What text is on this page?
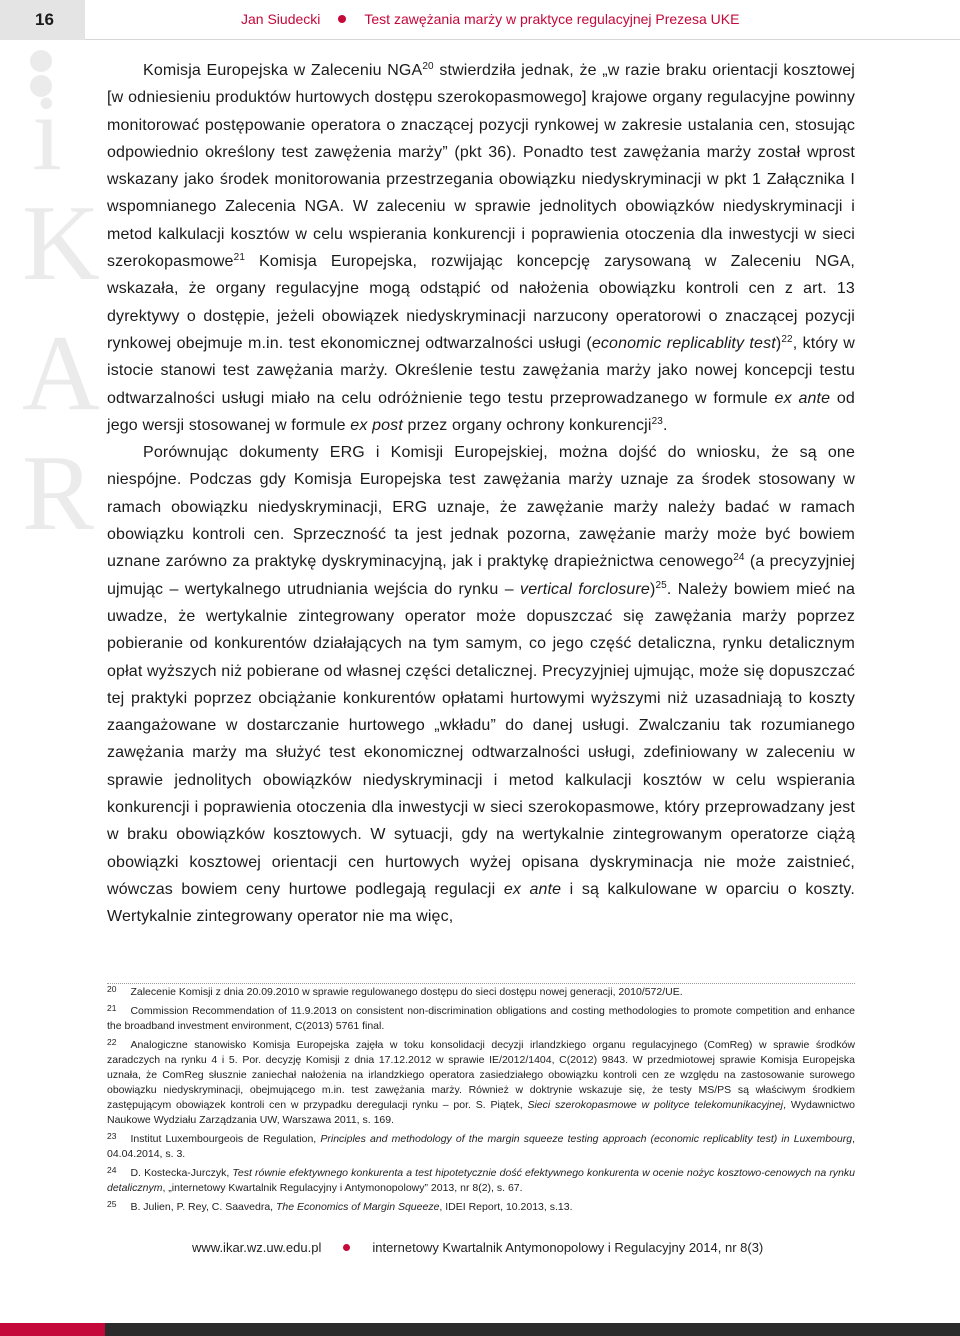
16	Jan Siudecki	Test zawężania marży w praktyce regulacyjnej Prezesa UKE
i
K
A
R

Komisja Europejska w Zaleceniu NGA$^{20}$ stwierdziła jednak, że „w razie braku orientacji kosztowej [w odniesieniu produktów hurtowych dostępu szerokopasmowego] krajowe organy regulacyjne powinny monitorować postępowanie operatora o znaczącej pozycji rynkowej w zakresie ustalania cen, stosując odpowiednio określony test zawężenia marży” (pkt 36). Ponadto test zawężania marży został wprost wskazany jako środek monitorowania przestrzegania obowiązku niedyskryminacji w pkt 1 Załącznika I wspomnianego Zalecenia NGA. W zaleceniu w sprawie jednolitych obowiązków niedyskryminacji i metod kalkulacji kosztów w celu wspierania konkurencji i poprawienia otoczenia dla inwestycji w sieci szerokopasmowe$^{21}$ Komisja Europejska, rozwijając koncepcję zarysowaną w Zaleceniu NGA, wskazała, że organy regulacyjne mogą odstąpić od nałożenia obowiązku kontroli cen z art. 13 dyrektywy o dostępie, jeżeli obowiązek niedyskryminacji narzucony operatorowi o znaczącej pozycji rynkowej obejmuje m.in. test ekonomicznej odtwarzalności usługi (economic replicablity test)$^{22}$, który w istocie stanowi test zawężania marży. Określenie testu zawężania marży jako nowej koncepcji testu odtwarzalności usługi miało na celu odróżnienie tego testu przeprowadzanego w formule ex ante od jego wersji stosowanej w formule ex post przez organy ochrony konkurencji$^{23}$.

Porównując dokumenty ERG i Komisji Europejskiej, można dojść do wniosku, że są one niespójne. Podczas gdy Komisja Europejska test zawężania marży uznaje za środek stosowany w ramach obowiązku niedyskryminacji, ERG uznaje, że zawężanie marży należy badać w ramach obowiązku kontroli cen. Sprzeczność ta jest jednak pozorna, zawężanie marży może być bowiem uznane zarówno za praktykę dyskryminacyjną, jak i praktykę drapieżnictwa cenowego$^{24}$ (a precyzyjniej ujmując – wertykalnego utrudniania wejścia do rynku – vertical forclosure)$^{25}$. Należy bowiem mieć na uwadze, że wertykalnie zintegrowany operator może dopuszczać się zawężania marży poprzez pobieranie od konkurentów działających na tym samym, co jego część detaliczna, rynku detalicznym opłat wyższych niż pobierane od własnej części detalicznej. Precyzyjniej ujmując, może się dopuszczać tej praktyki poprzez obciążanie konkurentów opłatami hurtowymi wyższymi niż uzasadniają to koszty zaangażowane w dostarczanie hurtowego „wkładu” do danej usługi. Zwalczaniu tak rozumianego zawężania marży ma służyć test ekonomicznej odtwarzalności usługi, zdefiniowany w zaleceniu w sprawie jednolitych obowiązków niedyskryminacji i metod kalkulacji kosztów w celu wspierania konkurencji i poprawienia otoczenia dla inwestycji w sieci szerokopasmowe, który przeprowadzany jest w braku obowiązków kosztowych. W sytuacji, gdy na wertykalnie zintegrowanym operatorze ciążą obowiązki kosztowej orientacji cen hurtowych wyżej opisana dyskryminacja nie może zaistnieć, wówczas bowiem ceny hurtowe podlegają regulacji ex ante i są kalkulowane w oparciu o koszty. Wertykalnie zintegrowany operator nie ma więc,

$^{20}$ Zalecenie Komisji z dnia 20.09.2010 w sprawie regulowanego dostępu do sieci dostępu nowej generacji, 2010/572/UE.

$^{21}$ Commission Recommendation of 11.9.2013 on consistent non-discrimination obligations and costing methodologies to promote competition and enhance the broadband investment environment, C(2013) 5761 final.

$^{22}$ Analogiczne stanowisko Komisja Europejska zajęła w toku konsolidacji decyzji irlandzkiego organu regulacyjnego (ComReg) w sprawie środków zaradczych na rynku 4 i 5. Por. decyzję Komisji z dnia 17.12.2012 w sprawie IE/2012/1404, C(2012) 9843. W przedmiotowej sprawie Komisja Europejska uznała, że ComReg słusznie zaniechał nałożenia na irlandzkiego operatora zasiedziałego obowiązku kontroli cen ze względu na zastosowanie surowego obowiązku niedyskryminacji, obejmującego m.in. test zawężania marży. Również w doktrynie wskazuje się, że testy MS/PS są właściwym środkiem zastępującym obowiązek kontroli cen w przypadku deregulacji rynku – por. S. Piątek, Sieci szerokopasmowe w polityce telekomunikacyjnej, Wydawnictwo Naukowe Wydziału Zarządzania UW, Warszawa 2011, s. 169.

$^{23}$ Institut Luxembourgeois de Regulation, Principles and methodology of the margin squeeze testing approach (economic replicablity test) in Luxembourg, 04.04.2014, s. 3.

$^{24}$ D. Kostecka-Jurczyk, Test równie efektywnego konkurenta a test hipotetycznie dość efektywnego konkurenta w ocenie nożyc kosztowo-cenowych na rynku detalicznym, „internetowy Kwartalnik Regulacyjny i Antymonopolowy” 2013, nr 8(2), s. 67.

$^{25}$ B. Julien, P. Rey, C. Saavedra, The Economics of Margin Squeeze, IDEI Report, 10.2013, s.13.

www.ikar.wz.uw.edu.pl	internetowy Kwartalnik Antymonopolowy i Regulacyjny 2014, nr 8(3)
